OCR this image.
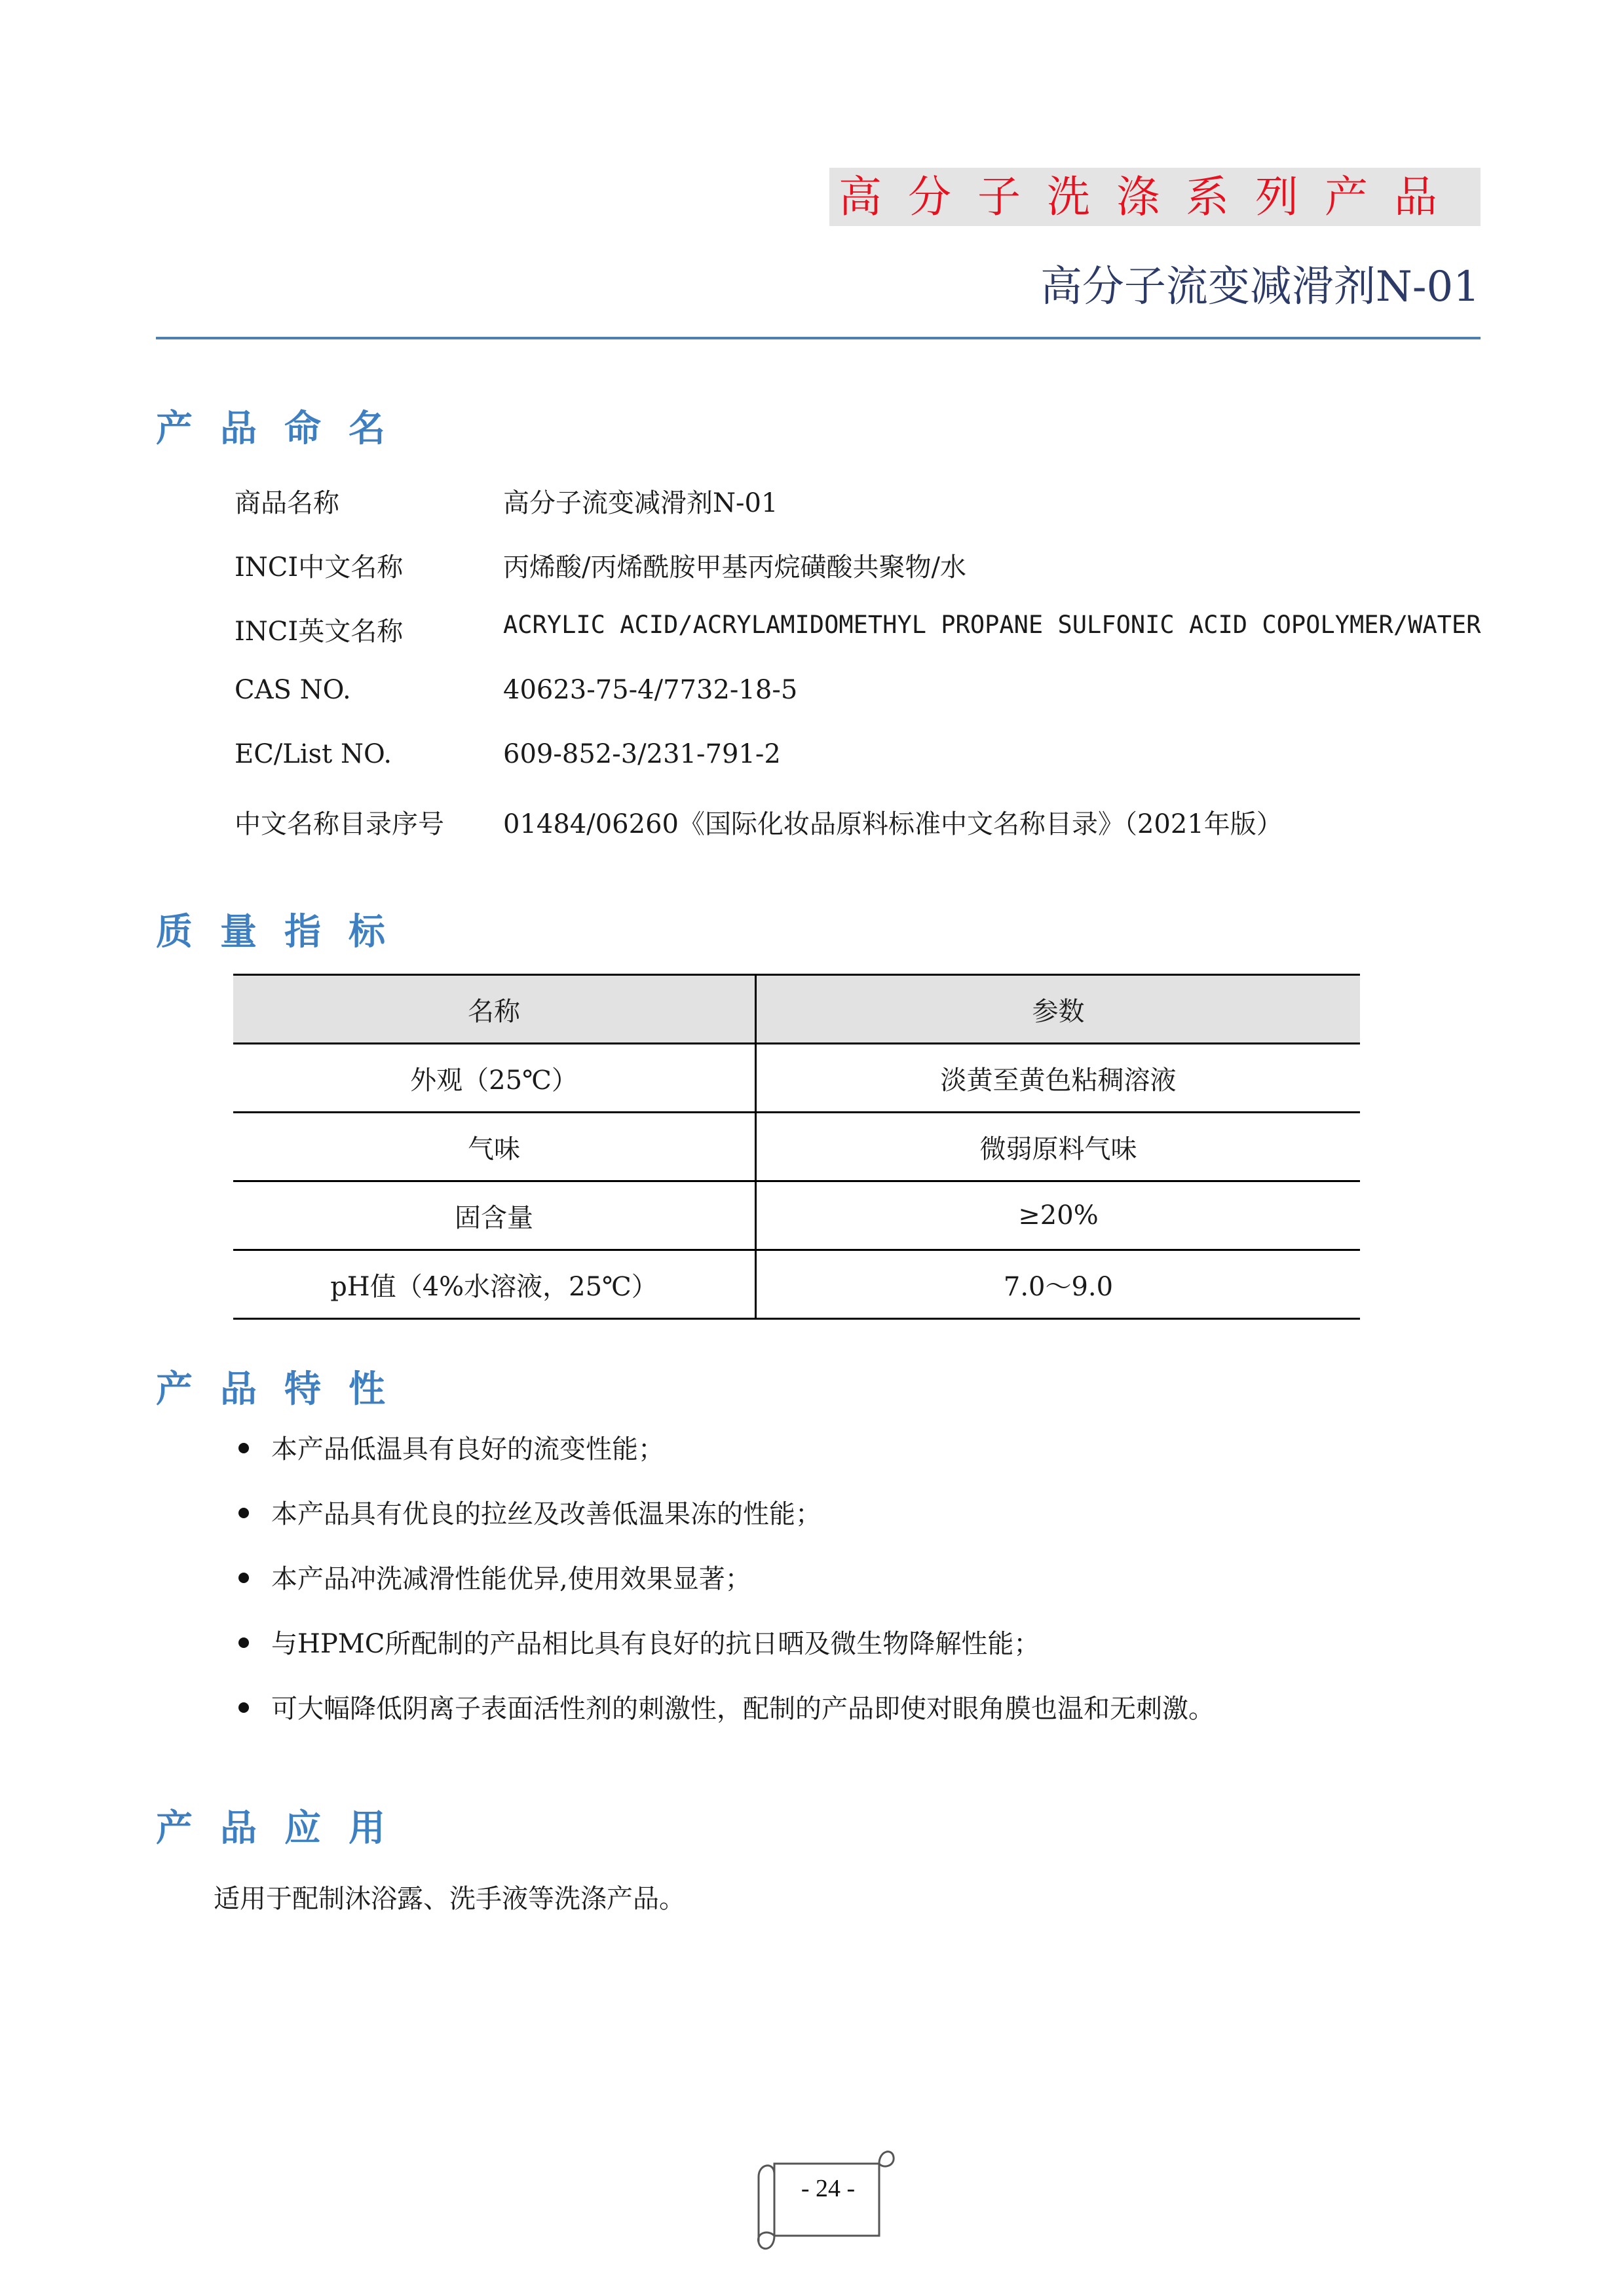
高分子洗涤系列产品
高分子流变减滑剂N-01
产品命名
商品名称	高分子流变减滑剂N-01
INCI中文名称	丙烯酸/丙烯酰胺甲基丙烷磺酸共聚物/水
INCI英文名称	ACRYLIC ACID/ACRYLAMIDOMETHYL PROPANE SULFONIC ACID COPOLYMER/WATER
CAS NO.	40623-75-4/7732-18-5
EC/List NO.	609-852-3/231-791-2
中文名称目录序号 01484/06260《国际化妆品原料标准中文名称目录》（2021年版）
质量指标
名称	参数
外观（25℃）	淡黄至黄色粘稠溶液
气味	微弱原料气味
固含量	≥20%
pH值（4%水溶液，25℃）	7.0～9.0
产品特性
本产品低温具有良好的流变性能；
本产品具有优良的拉丝及改善低温果冻的性能；
本产品冲洗减滑性能优异,使用效果显著；
与HPMC所配制的产品相比具有良好的抗日晒及微生物降解性能；
可大幅降低阴离子表面活性剂的刺激性，配制的产品即使对眼角膜也温和无刺激。
产品应用
适用于配制沐浴露、洗手液等洗涤产品。
- 24 -
